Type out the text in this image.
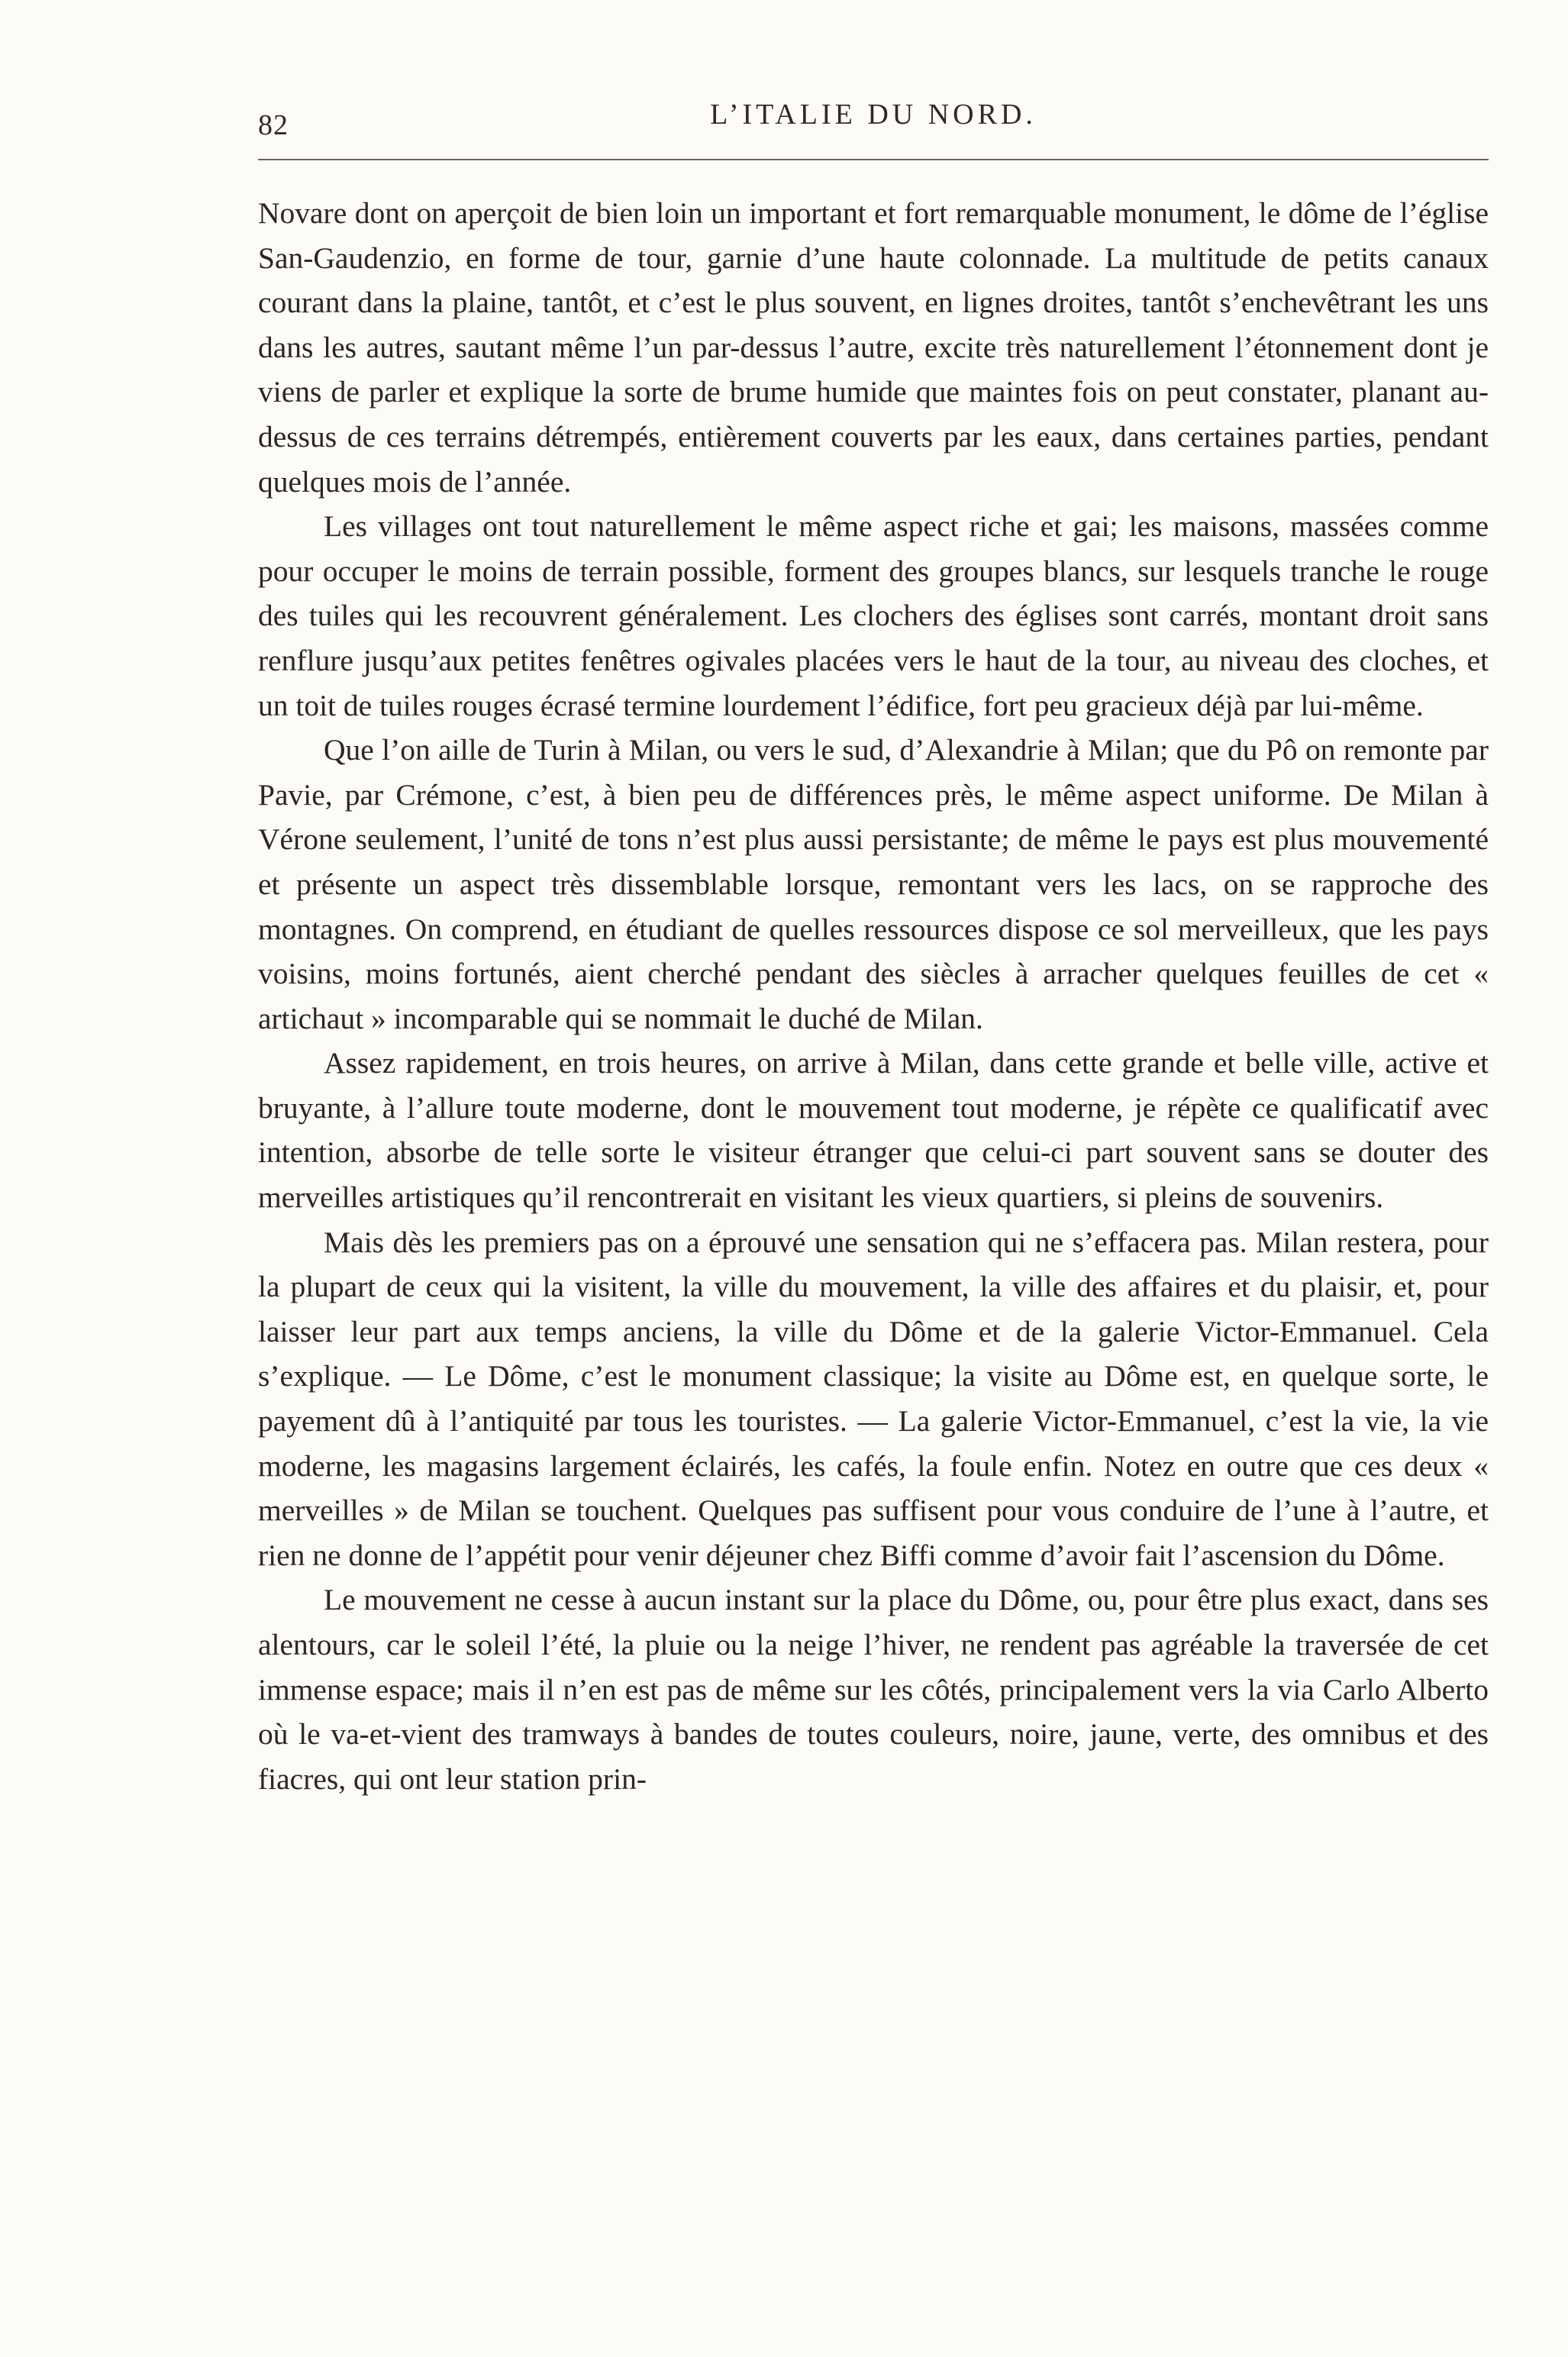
82	L’ITALIE DU NORD.

Novare dont on aperçoit de bien loin un important et fort remarquable monument, le dôme de l’église San-Gaudenzio, en forme de tour, garnie d’une haute colonnade. La multitude de petits canaux courant dans la plaine, tantôt, et c’est le plus souvent, en lignes droites, tantôt s’enchevêtrant les uns dans les autres, sautant même l’un par-dessus l’autre, excite très naturellement l’étonnement dont je viens de parler et explique la sorte de brume humide que maintes fois on peut constater, planant au-dessus de ces terrains détrempés, entièrement couverts par les eaux, dans certaines parties, pendant quelques mois de l’année.

Les villages ont tout naturellement le même aspect riche et gai; les maisons, massées comme pour occuper le moins de terrain possible, forment des groupes blancs, sur lesquels tranche le rouge des tuiles qui les recouvrent généralement. Les clochers des églises sont carrés, montant droit sans renflure jusqu’aux petites fenêtres ogivales placées vers le haut de la tour, au niveau des cloches, et un toit de tuiles rouges écrasé termine lourdement l’édifice, fort peu gracieux déjà par lui-même.

Que l’on aille de Turin à Milan, ou vers le sud, d’Alexandrie à Milan; que du Pô on remonte par Pavie, par Crémone, c’est, à bien peu de différences près, le même aspect uniforme. De Milan à Vérone seulement, l’unité de tons n’est plus aussi persistante; de même le pays est plus mouvementé et présente un aspect très dissemblable lorsque, remontant vers les lacs, on se rapproche des montagnes. On comprend, en étudiant de quelles ressources dispose ce sol merveilleux, que les pays voisins, moins fortunés, aient cherché pendant des siècles à arracher quelques feuilles de cet « artichaut » incomparable qui se nommait le duché de Milan.

Assez rapidement, en trois heures, on arrive à Milan, dans cette grande et belle ville, active et bruyante, à l’allure toute moderne, dont le mouvement tout moderne, je répète ce qualificatif avec intention, absorbe de telle sorte le visiteur étranger que celui-ci part souvent sans se douter des merveilles artistiques qu’il rencontrerait en visitant les vieux quartiers, si pleins de souvenirs.

Mais dès les premiers pas on a éprouvé une sensation qui ne s’effacera pas. Milan restera, pour la plupart de ceux qui la visitent, la ville du mouvement, la ville des affaires et du plaisir, et, pour laisser leur part aux temps anciens, la ville du Dôme et de la galerie Victor-Emmanuel. Cela s’explique. — Le Dôme, c’est le monument classique; la visite au Dôme est, en quelque sorte, le payement dû à l’antiquité par tous les touristes. — La galerie Victor-Emmanuel, c’est la vie, la vie moderne, les magasins largement éclairés, les cafés, la foule enfin. Notez en outre que ces deux « merveilles » de Milan se touchent. Quelques pas suffisent pour vous conduire de l’une à l’autre, et rien ne donne de l’appétit pour venir déjeuner chez Biffi comme d’avoir fait l’ascension du Dôme.

Le mouvement ne cesse à aucun instant sur la place du Dôme, ou, pour être plus exact, dans ses alentours, car le soleil l’été, la pluie ou la neige l’hiver, ne rendent pas agréable la traversée de cet immense espace; mais il n’en est pas de même sur les côtés, principalement vers la via Carlo Alberto où le va-et-vient des tramways à bandes de toutes couleurs, noire, jaune, verte, des omnibus et des fiacres, qui ont leur station prin-
